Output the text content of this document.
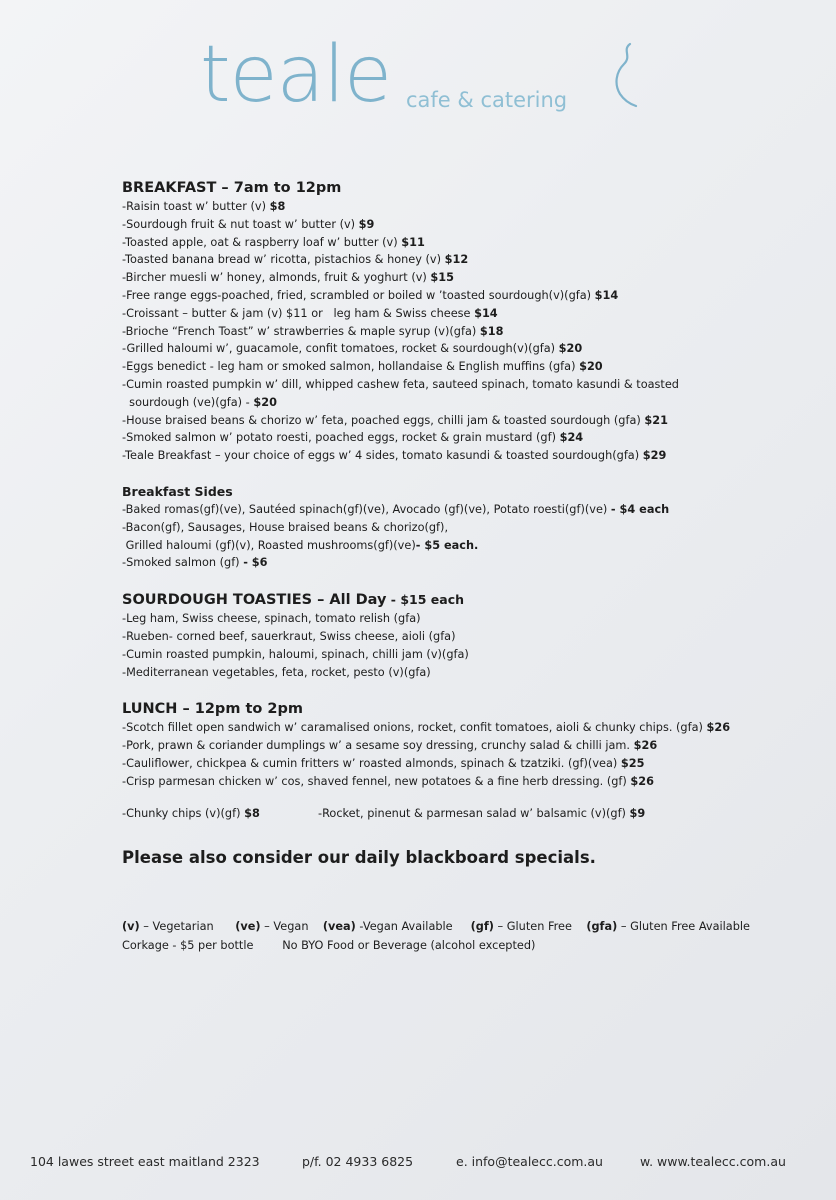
teale cafe & catering
BREAKFAST – 7am to 12pm
-Raisin toast w’ butter (v) $8
-Sourdough fruit & nut toast w’ butter (v) $9
-Toasted apple, oat & raspberry loaf w’ butter (v) $11
-Toasted banana bread w’ ricotta, pistachios & honey (v) $12
-Bircher muesli w’ honey, almonds, fruit & yoghurt (v) $15
-Free range eggs-poached, fried, scrambled or boiled w ’toasted sourdough(v)(gfa) $14
-Croissant – butter & jam (v) $11 or   leg ham & Swiss cheese $14
-Brioche “French Toast” w’ strawberries & maple syrup (v)(gfa) $18
-Grilled haloumi w’, guacamole, confit tomatoes, rocket & sourdough(v)(gfa) $20
-Eggs benedict - leg ham or smoked salmon, hollandaise & English muffins (gfa) $20
-Cumin roasted pumpkin w’ dill, whipped cashew feta, sauteed spinach, tomato kasundi & toasted
sourdough (ve)(gfa) - $20
-House braised beans & chorizo w’ feta, poached eggs, chilli jam & toasted sourdough (gfa) $21
-Smoked salmon w’ potato roesti, poached eggs, rocket & grain mustard (gf) $24
-Teale Breakfast – your choice of eggs w’ 4 sides, tomato kasundi & toasted sourdough(gfa) $29
Breakfast Sides
-Baked romas(gf)(ve), Sautéed spinach(gf)(ve), Avocado (gf)(ve), Potato roesti(gf)(ve) - $4 each
-Bacon(gf), Sausages, House braised beans & chorizo(gf),
Grilled haloumi (gf)(v), Roasted mushrooms(gf)(ve)- $5 each.
-Smoked salmon (gf) - $6
SOURDOUGH TOASTIES – All Day - $15 each
-Leg ham, Swiss cheese, spinach, tomato relish (gfa)
-Rueben- corned beef, sauerkraut, Swiss cheese, aioli (gfa)
-Cumin roasted pumpkin, haloumi, spinach, chilli jam (v)(gfa)
-Mediterranean vegetables, feta, rocket, pesto (v)(gfa)
LUNCH – 12pm to 2pm
-Scotch fillet open sandwich w’ caramalised onions, rocket, confit tomatoes, aioli & chunky chips. (gfa) $26
-Pork, prawn & coriander dumplings w’ a sesame soy dressing, crunchy salad & chilli jam. $26
-Cauliflower, chickpea & cumin fritters w’ roasted almonds, spinach & tzatziki. (gf)(vea) $25
-Crisp parmesan chicken w’ cos, shaved fennel, new potatoes & a fine herb dressing. (gf) $26
-Chunky chips (v)(gf) $8	-Rocket, pinenut & parmesan salad w’ balsamic (v)(gf) $9
Please also consider our daily blackboard specials.
(v) – Vegetarian (ve) – Vegan (vea) -Vegan Available (gf) – Gluten Free (gfa) – Gluten Free Available
Corkage - $5 per bottle	No BYO Food or Beverage (alcohol excepted)
104 lawes street east maitland 2323	p/f. 02 4933 6825	e. info@tealecc.com.au	w. www.tealecc.com.au
